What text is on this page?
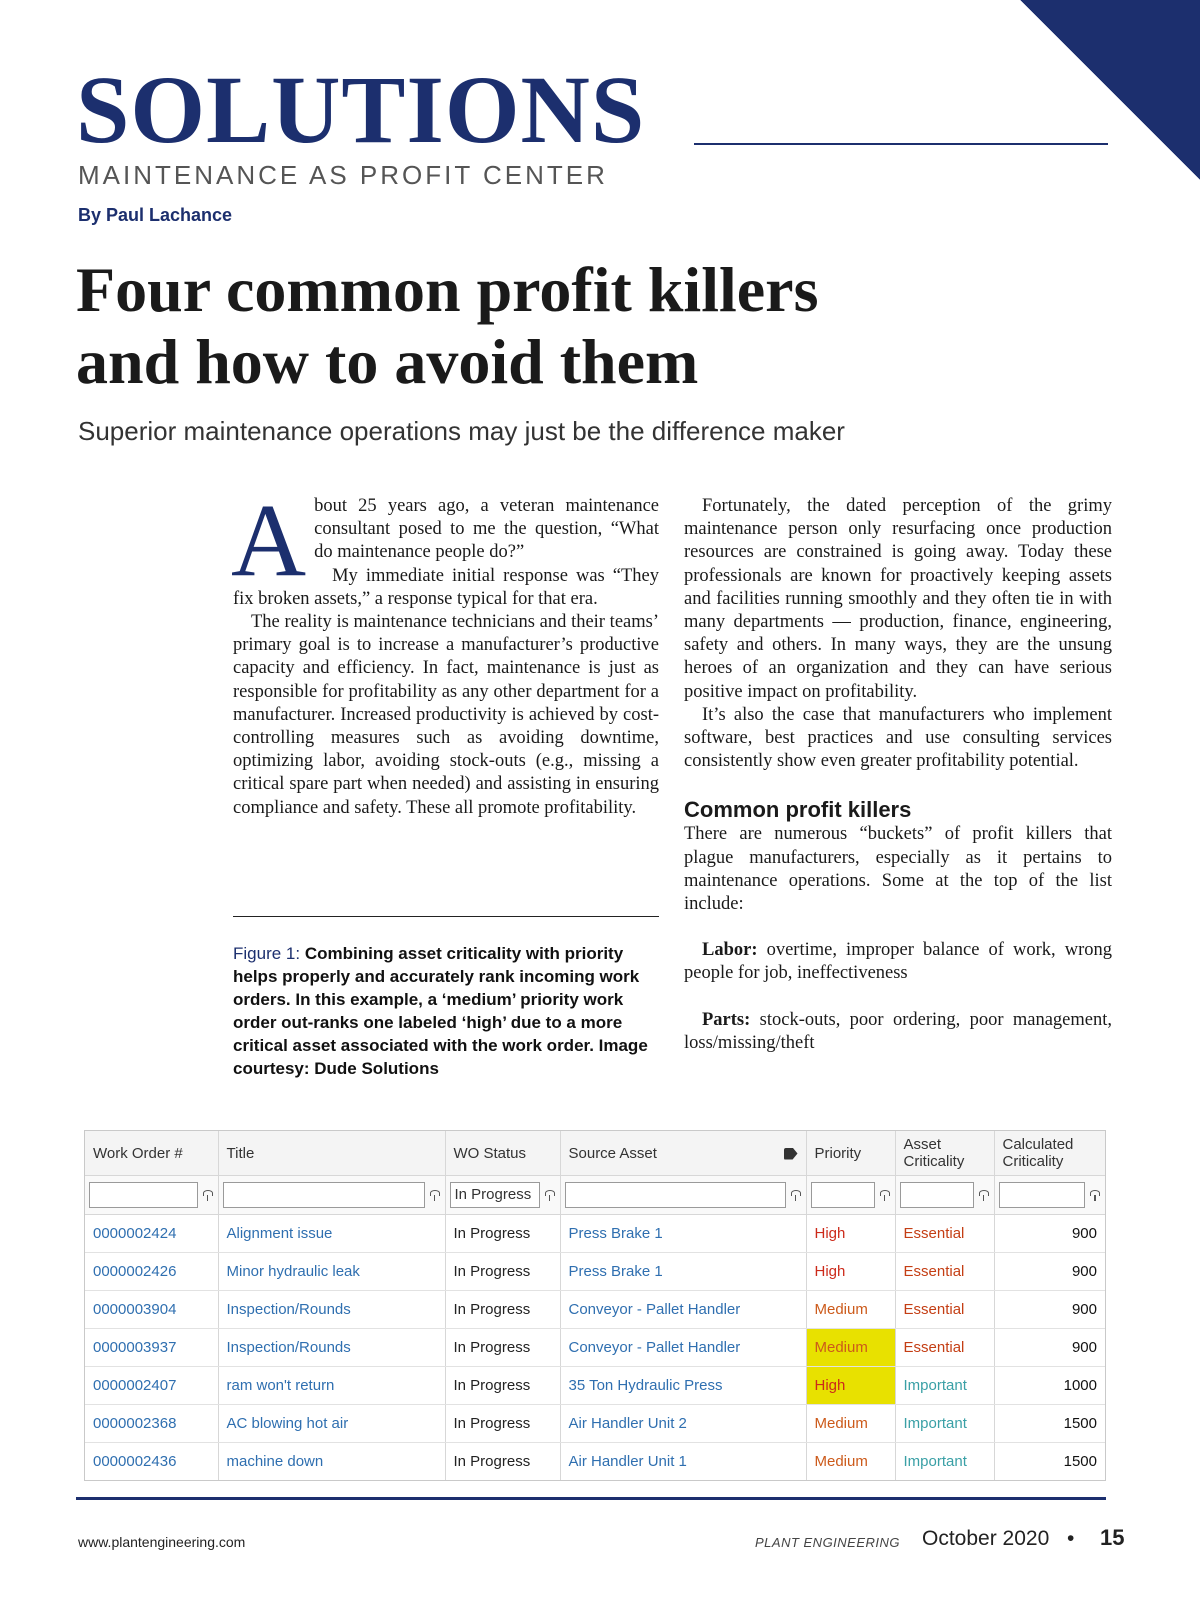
SOLUTIONS
MAINTENANCE AS PROFIT CENTER
By Paul Lachance
Four common profit killers
and how to avoid them
Superior maintenance operations may just be the difference maker

About 25 years ago, a veteran maintenance consultant posed to me the question, “What do maintenance people do?”

My immediate initial response was “They fix broken assets,” a response typical for that era.

The reality is maintenance technicians and their teams’ primary goal is to increase a manufacturer’s productive capacity and efficiency. In fact, maintenance is just as responsible for profitability as any other department for a manufacturer. Increased productivity is achieved by cost-controlling measures such as avoiding downtime, optimizing labor, avoiding stock-outs (e.g., missing a critical spare part when needed) and assisting in ensuring compliance and safety. These all promote profitability.

Figure 1: Combining asset criticality with priority helps properly and accurately rank incoming work orders. In this example, a ‘medium’ priority work order out-ranks one labeled ‘high’ due to a more critical asset associated with the work order. Image courtesy: Dude Solutions

Fortunately, the dated perception of the grimy maintenance person only resurfacing once production resources are constrained is going away. Today these professionals are known for proactively keeping assets and facilities running smoothly and they often tie in with many departments — production, finance, engineering, safety and others. In many ways, they are the unsung heroes of an organization and they can have serious positive impact on profitability.

It’s also the case that manufacturers who implement software, best practices and use consulting services consistently show even greater profitability potential.

Common profit killers

There are numerous “buckets” of profit killers that plague manufacturers, especially as it pertains to maintenance operations. Some at the top of the list include:

Labor: overtime, improper balance of work, wrong people for job, ineffectiveness

Parts: stock-outs, poor ordering, poor management, loss/missing/theft

Work Order #	Title	WO Status	Source Asset	Priority	Asset Criticality	Calculated Criticality

		In Progress				

0000002424	Alignment issue	In Progress	Press Brake 1	High	Essential	900
0000002426	Minor hydraulic leak	In Progress	Press Brake 1	High	Essential	900
0000003904	Inspection/Rounds	In Progress	Conveyor - Pallet Handler	Medium	Essential	900
0000003937	Inspection/Rounds	In Progress	Conveyor - Pallet Handler	Medium	Essential	900
0000002407	ram won't return	In Progress	35 Ton Hydraulic Press	High	Important	1000
0000002368	AC blowing hot air	In Progress	Air Handler Unit 2	Medium	Important	1500
0000002436	machine down	In Progress	Air Handler Unit 1	Medium	Important	1500
www.plantengineering.com	PLANT ENGINEERING October 2020 • 15
